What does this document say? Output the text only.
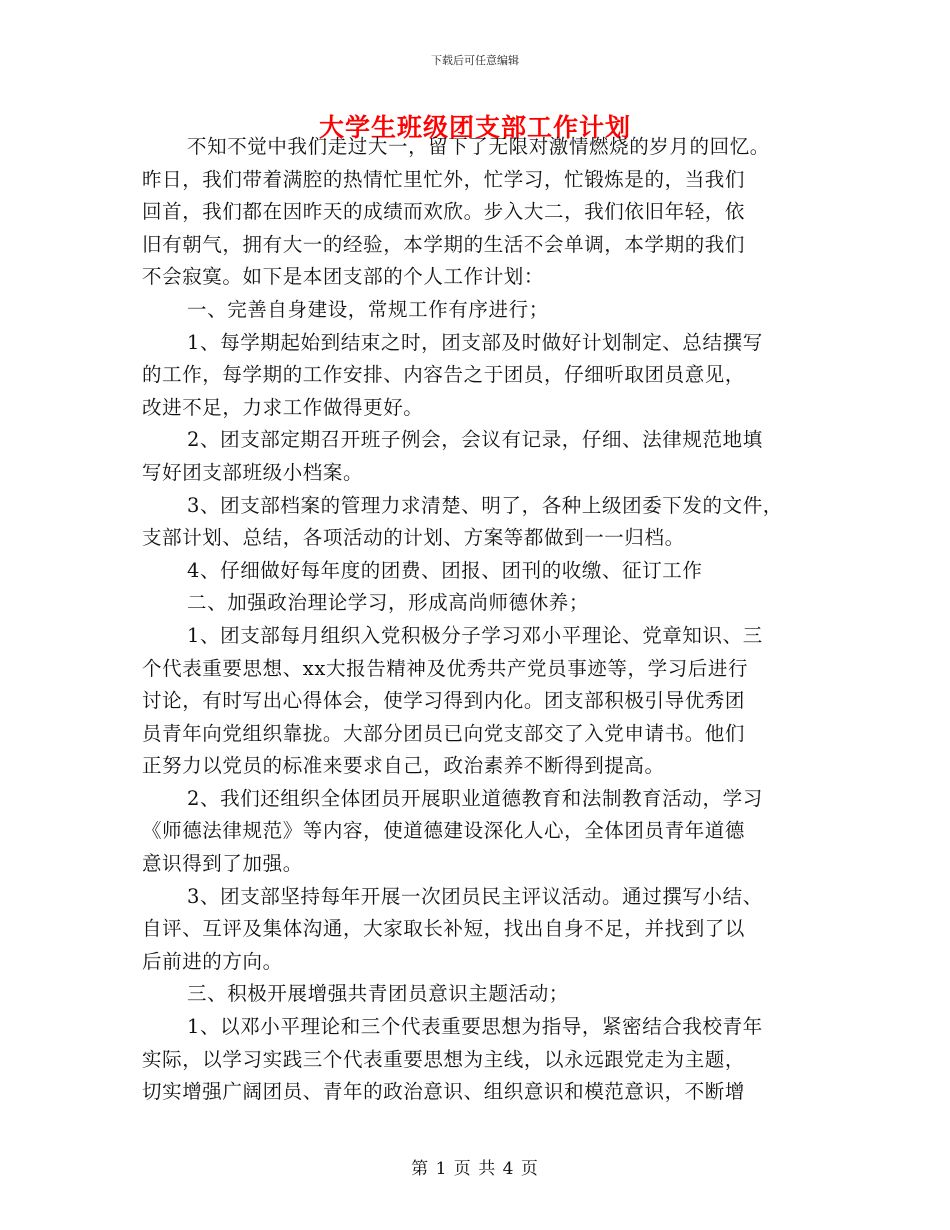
下载后可任意编辑
大学生班级团支部工作计划
不知不觉中我们走过大一，留下了无限对激情燃烧的岁月的回忆。
昨日，我们带着满腔的热情忙里忙外，忙学习，忙锻炼是的，当我们
回首，我们都在因昨天的成绩而欢欣。步入大二，我们依旧年轻，依
旧有朝气，拥有大一的经验，本学期的生活不会单调，本学期的我们
不会寂寞。如下是本团支部的个人工作计划：
一、完善自身建设，常规工作有序进行；
1、每学期起始到结束之时，团支部及时做好计划制定、总结撰写
的工作，每学期的工作安排、内容告之于团员，仔细听取团员意见，
改进不足，力求工作做得更好。
2、团支部定期召开班子例会，会议有记录，仔细、法律规范地填
写好团支部班级小档案。
3、团支部档案的管理力求清楚、明了，各种上级团委下发的文件，
支部计划、总结，各项活动的计划、方案等都做到一一归档。
4、仔细做好每年度的团费、团报、团刊的收缴、征订工作
二、加强政治理论学习，形成高尚师德休养；
1、团支部每月组织入党积极分子学习邓小平理论、党章知识、三
个代表重要思想、xx大报告精神及优秀共产党员事迹等，学习后进行
讨论，有时写出心得体会，使学习得到内化。团支部积极引导优秀团
员青年向党组织靠拢。大部分团员已向党支部交了入党申请书。他们
正努力以党员的标准来要求自己，政治素养不断得到提高。
2、我们还组织全体团员开展职业道德教育和法制教育活动，学习
《师德法律规范》等内容，使道德建设深化人心，全体团员青年道德
意识得到了加强。
3、团支部坚持每年开展一次团员民主评议活动。通过撰写小结、
自评、互评及集体沟通，大家取长补短，找出自身不足，并找到了以
后前进的方向。
三、积极开展增强共青团员意识主题活动；
1、以邓小平理论和三个代表重要思想为指导，紧密结合我校青年
实际，以学习实践三个代表重要思想为主线，以永远跟党走为主题，
切实增强广阔团员、青年的政治意识、组织意识和模范意识，不断增
第 1 页 共 4 页
